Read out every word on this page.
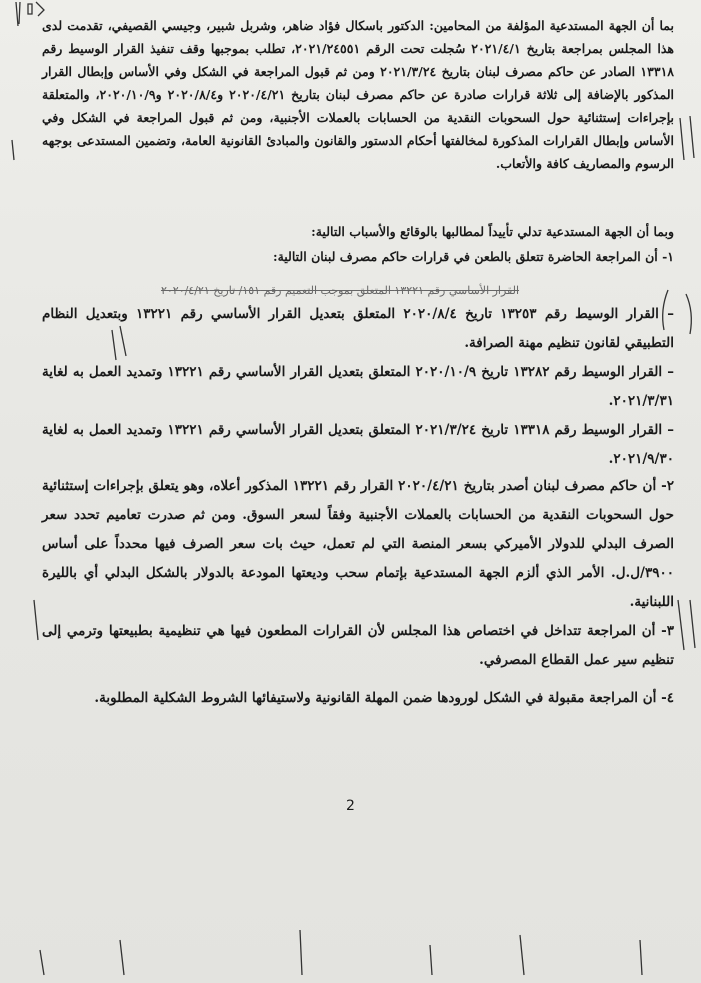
بما أن الجهة المستدعية المؤلفة من المحامين: الدكتور باسكال فؤاد ضاهر، وشربل شبير، وجيسي القصيفي، تقدمت لدى هذا المجلس بمراجعة بتاريخ ٢٠٢١/٤/١ سُجلت تحت الرقم ٢٠٢١/٢٤٥٥١، تطلب بموجبها وقف تنفيذ القرار الوسيط رقم ١٣٣١٨ الصادر عن حاكم مصرف لبنان بتاريخ ٢٠٢١/٣/٢٤ ومن ثم قبول المراجعة في الشكل وفي الأساس وإبطال القرار المذكور بالإضافة إلى ثلاثة قرارات صادرة عن حاكم مصرف لبنان بتاريخ ٢٠٢٠/٤/٢١ و٢٠٢٠/٨/٤ و٢٠٢٠/١٠/٩، والمتعلقة بإجراءات إستثنائية حول السحوبات النقدية من الحسابات بالعملات الأجنبية، ومن ثم قبول المراجعة في الشكل وفي الأساس وإبطال القرارات المذكورة لمخالفتها أحكام الدستور والقانون والمبادئ القانونية العامة، وتضمين المستدعى بوجهه الرسوم والمصاريف كافة والأتعاب.
وبما أن الجهة المستدعية تدلي تأييداً لمطالبها بالوقائع والأسباب التالية:
١- أن المراجعة الحاضرة تتعلق بالطعن في قرارات حاكم مصرف لبنان التالية:
القرار الأساسي رقم ١٣٢٢١ المتعلق بموجب التعميم رقم ١٥١/ تاريخ ٢٠٢٠/٤/٢١
– القرار الوسيط رقم ١٣٢٥٣ تاريخ ٢٠٢٠/٨/٤ المتعلق بتعديل القرار الأساسي رقم ١٣٢٢١ وبتعديل النظام التطبيقي لقانون تنظيم مهنة الصرافة.
– القرار الوسيط رقم ١٣٢٨٢ تاريخ ٢٠٢٠/١٠/٩ المتعلق بتعديل القرار الأساسي رقم ١٣٢٢١ وتمديد العمل به لغاية ٢٠٢١/٣/٣١.
– القرار الوسيط رقم ١٣٣١٨ تاريخ ٢٠٢١/٣/٢٤ المتعلق بتعديل القرار الأساسي رقم ١٣٢٢١ وتمديد العمل به لغاية ٢٠٢١/٩/٣٠.
٢- أن حاكم مصرف لبنان أصدر بتاريخ ٢٠٢٠/٤/٢١ القرار رقم ١٣٢٢١ المذكور أعلاه، وهو يتعلق بإجراءات إستثنائية حول السحوبات النقدية من الحسابات بالعملات الأجنبية وفقاً لسعر السوق. ومن ثم صدرت تعاميم تحدد سعر الصرف البدلي للدولار الأميركي بسعر المنصة التي لم تعمل، حيث بات سعر الصرف فيها محدداً على أساس ٣٩٠٠/ل.ل. الأمر الذي ألزم الجهة المستدعية بإتمام سحب وديعتها المودعة بالدولار بالشكل البدلي أي بالليرة اللبنانية.
٣- أن المراجعة تتداخل في اختصاص هذا المجلس لأن القرارات المطعون فيها هي تنظيمية بطبيعتها وترمي إلى تنظيم سير عمل القطاع المصرفي.
٤- أن المراجعة مقبولة في الشكل لورودها ضمن المهلة القانونية ولاستيفائها الشروط الشكلية المطلوبة.
2
